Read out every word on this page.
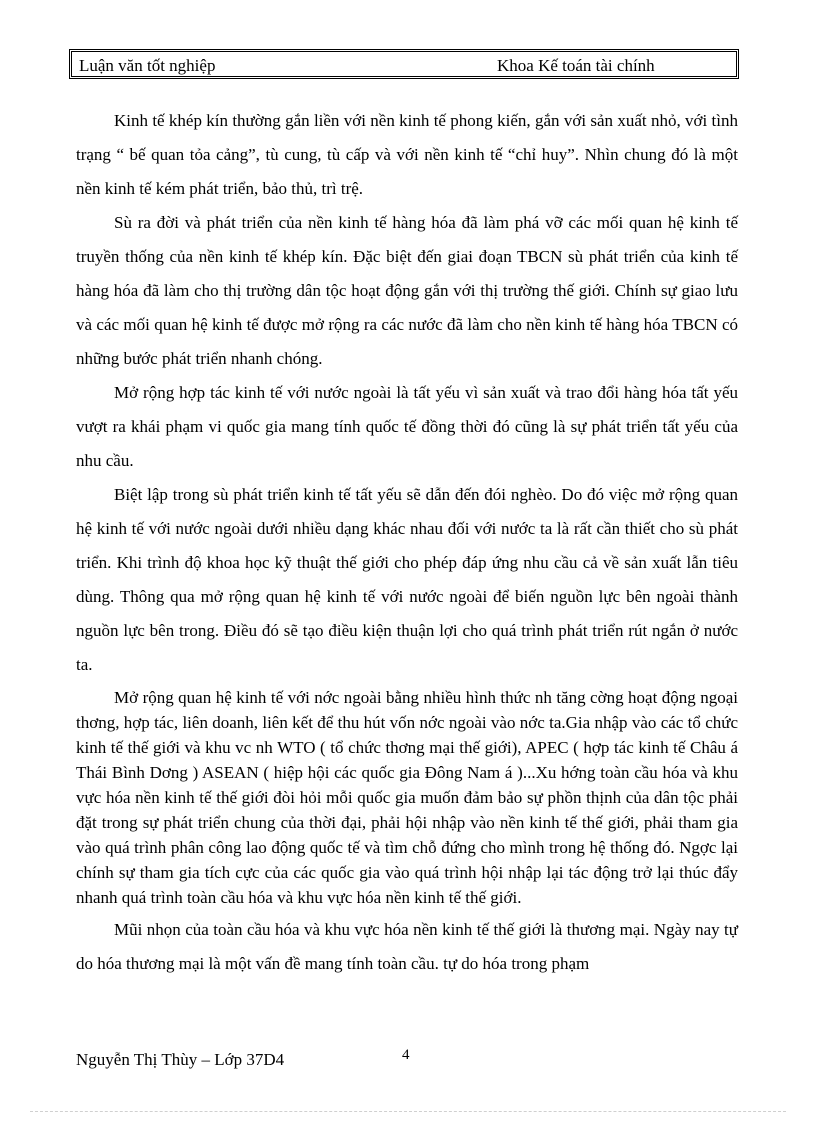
Luận văn tốt nghiệp	Khoa Kế toán tài chính

Kinh tế khép kín thường gắn liền với nền kinh tế phong kiến, gắn với sản xuất nhỏ, với tình trạng “ bế quan tỏa cảng”, tù cung, tù cấp và với nền kinh tế “chỉ huy”. Nhìn chung đó là một nền kinh tế kém phát triển, bảo thủ, trì trệ.

Sù ra đời và phát triển của nền kinh tế hàng hóa đã làm phá vỡ các mối quan hệ kinh tế truyền thống của nền kinh tế khép kín. Đặc biệt đến giai đoạn TBCN sù phát triển của kinh tế hàng hóa đã làm cho thị trường dân tộc hoạt động gắn với thị trường thế giới. Chính sự giao lưu và các mối quan hệ kinh tế được mở rộng ra các nước đã làm cho nền kinh tế hàng hóa TBCN có những bước phát triển nhanh chóng.

Mở rộng hợp tác kinh tế với nước ngoài là tất yếu vì sản xuất và trao đổi hàng hóa tất yếu vượt ra khái phạm vi quốc gia mang tính quốc tế đồng thời đó cũng là sự phát triển tất yếu của nhu cầu.

Biệt lập trong sù phát triển kinh tế tất yếu sẽ dẫn đến đói nghèo. Do đó việc mở rộng quan hệ kinh tế với nước ngoài dưới nhiều dạng khác nhau đối với nước ta là rất cần thiết cho sù phát triển. Khi trình độ khoa học kỹ thuật thế giới cho phép đáp ứng nhu cầu cả về sản xuất lẫn tiêu dùng. Thông qua mở rộng quan hệ kinh tế với nước ngoài để biến nguồn lực bên ngoài thành nguồn lực bên trong. Điều đó sẽ tạo điều kiện thuận lợi cho quá trình phát triển rút ngắn ở nước ta.

Mở rộng quan hệ kinh tế với nớc ngoài bằng nhiều hình thức nh tăng cờng hoạt động ngoại thơng, hợp tác, liên doanh, liên kết để thu hút vốn nớc ngoài vào nớc ta.Gia nhập vào các tổ chức kinh tế thế giới và khu vc nh WTO ( tổ chức thơng mại thế giới), APEC ( hợp tác kinh tế Châu á Thái Bình Dơng ) ASEAN ( hiệp hội các quốc gia Đông Nam á )...Xu hớng toàn cầu hóa và khu vực hóa nền kinh tế thế giới đòi hỏi mỗi quốc gia muốn đảm bảo sự phồn thịnh của dân tộc phải đặt trong sự phát triển chung của thời đại, phải hội nhập vào nền kinh tế thế giới, phải tham gia vào quá trình phân công lao động quốc tế và tìm chỗ đứng cho mình trong hệ thống đó. Ngợc lại chính sự tham gia tích cực của các quốc gia vào quá trình hội nhập lại tác động trở lại thúc đẩy nhanh quá trình toàn cầu hóa và khu vực hóa nền kinh tế thế giới.

Mũi nhọn của toàn cầu hóa và khu vực hóa nền kinh tế thế giới là thương mại. Ngày nay tự do hóa thương mại là một vấn đề mang tính toàn cầu. tự do hóa trong phạm

Nguyễn Thị Thùy – Lớp 37D4	4
